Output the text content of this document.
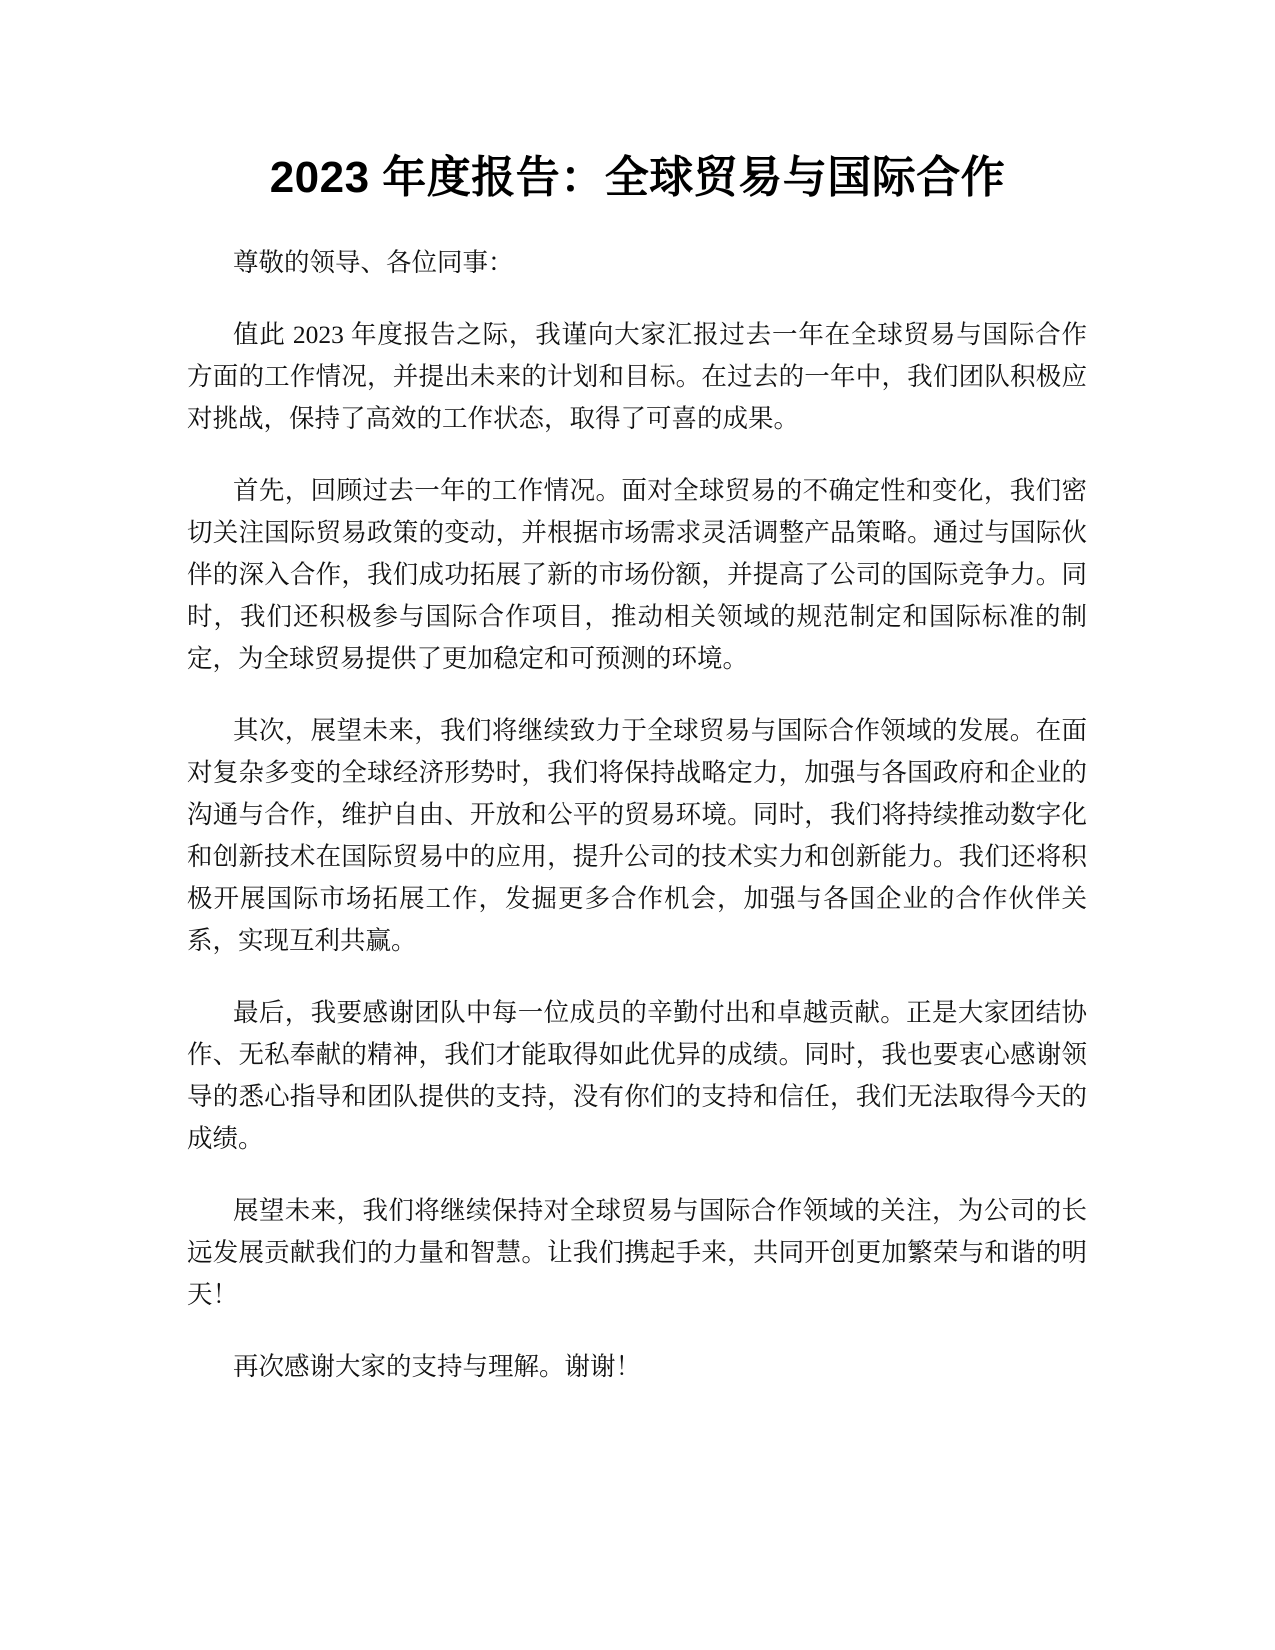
2023 年度报告：全球贸易与国际合作

尊敬的领导、各位同事：

值此 2023 年度报告之际，我谨向大家汇报过去一年在全球贸易与国际合作方面的工作情况，并提出未来的计划和目标。在过去的一年中，我们团队积极应对挑战，保持了高效的工作状态，取得了可喜的成果。

首先，回顾过去一年的工作情况。面对全球贸易的不确定性和变化，我们密切关注国际贸易政策的变动，并根据市场需求灵活调整产品策略。通过与国际伙伴的深入合作，我们成功拓展了新的市场份额，并提高了公司的国际竞争力。同时，我们还积极参与国际合作项目，推动相关领域的规范制定和国际标准的制定，为全球贸易提供了更加稳定和可预测的环境。

其次，展望未来，我们将继续致力于全球贸易与国际合作领域的发展。在面对复杂多变的全球经济形势时，我们将保持战略定力，加强与各国政府和企业的沟通与合作，维护自由、开放和公平的贸易环境。同时，我们将持续推动数字化和创新技术在国际贸易中的应用，提升公司的技术实力和创新能力。我们还将积极开展国际市场拓展工作，发掘更多合作机会，加强与各国企业的合作伙伴关系，实现互利共赢。

最后，我要感谢团队中每一位成员的辛勤付出和卓越贡献。正是大家团结协作、无私奉献的精神，我们才能取得如此优异的成绩。同时，我也要衷心感谢领导的悉心指导和团队提供的支持，没有你们的支持和信任，我们无法取得今天的成绩。

展望未来，我们将继续保持对全球贸易与国际合作领域的关注，为公司的长远发展贡献我们的力量和智慧。让我们携起手来，共同开创更加繁荣与和谐的明天！

再次感谢大家的支持与理解。谢谢！
